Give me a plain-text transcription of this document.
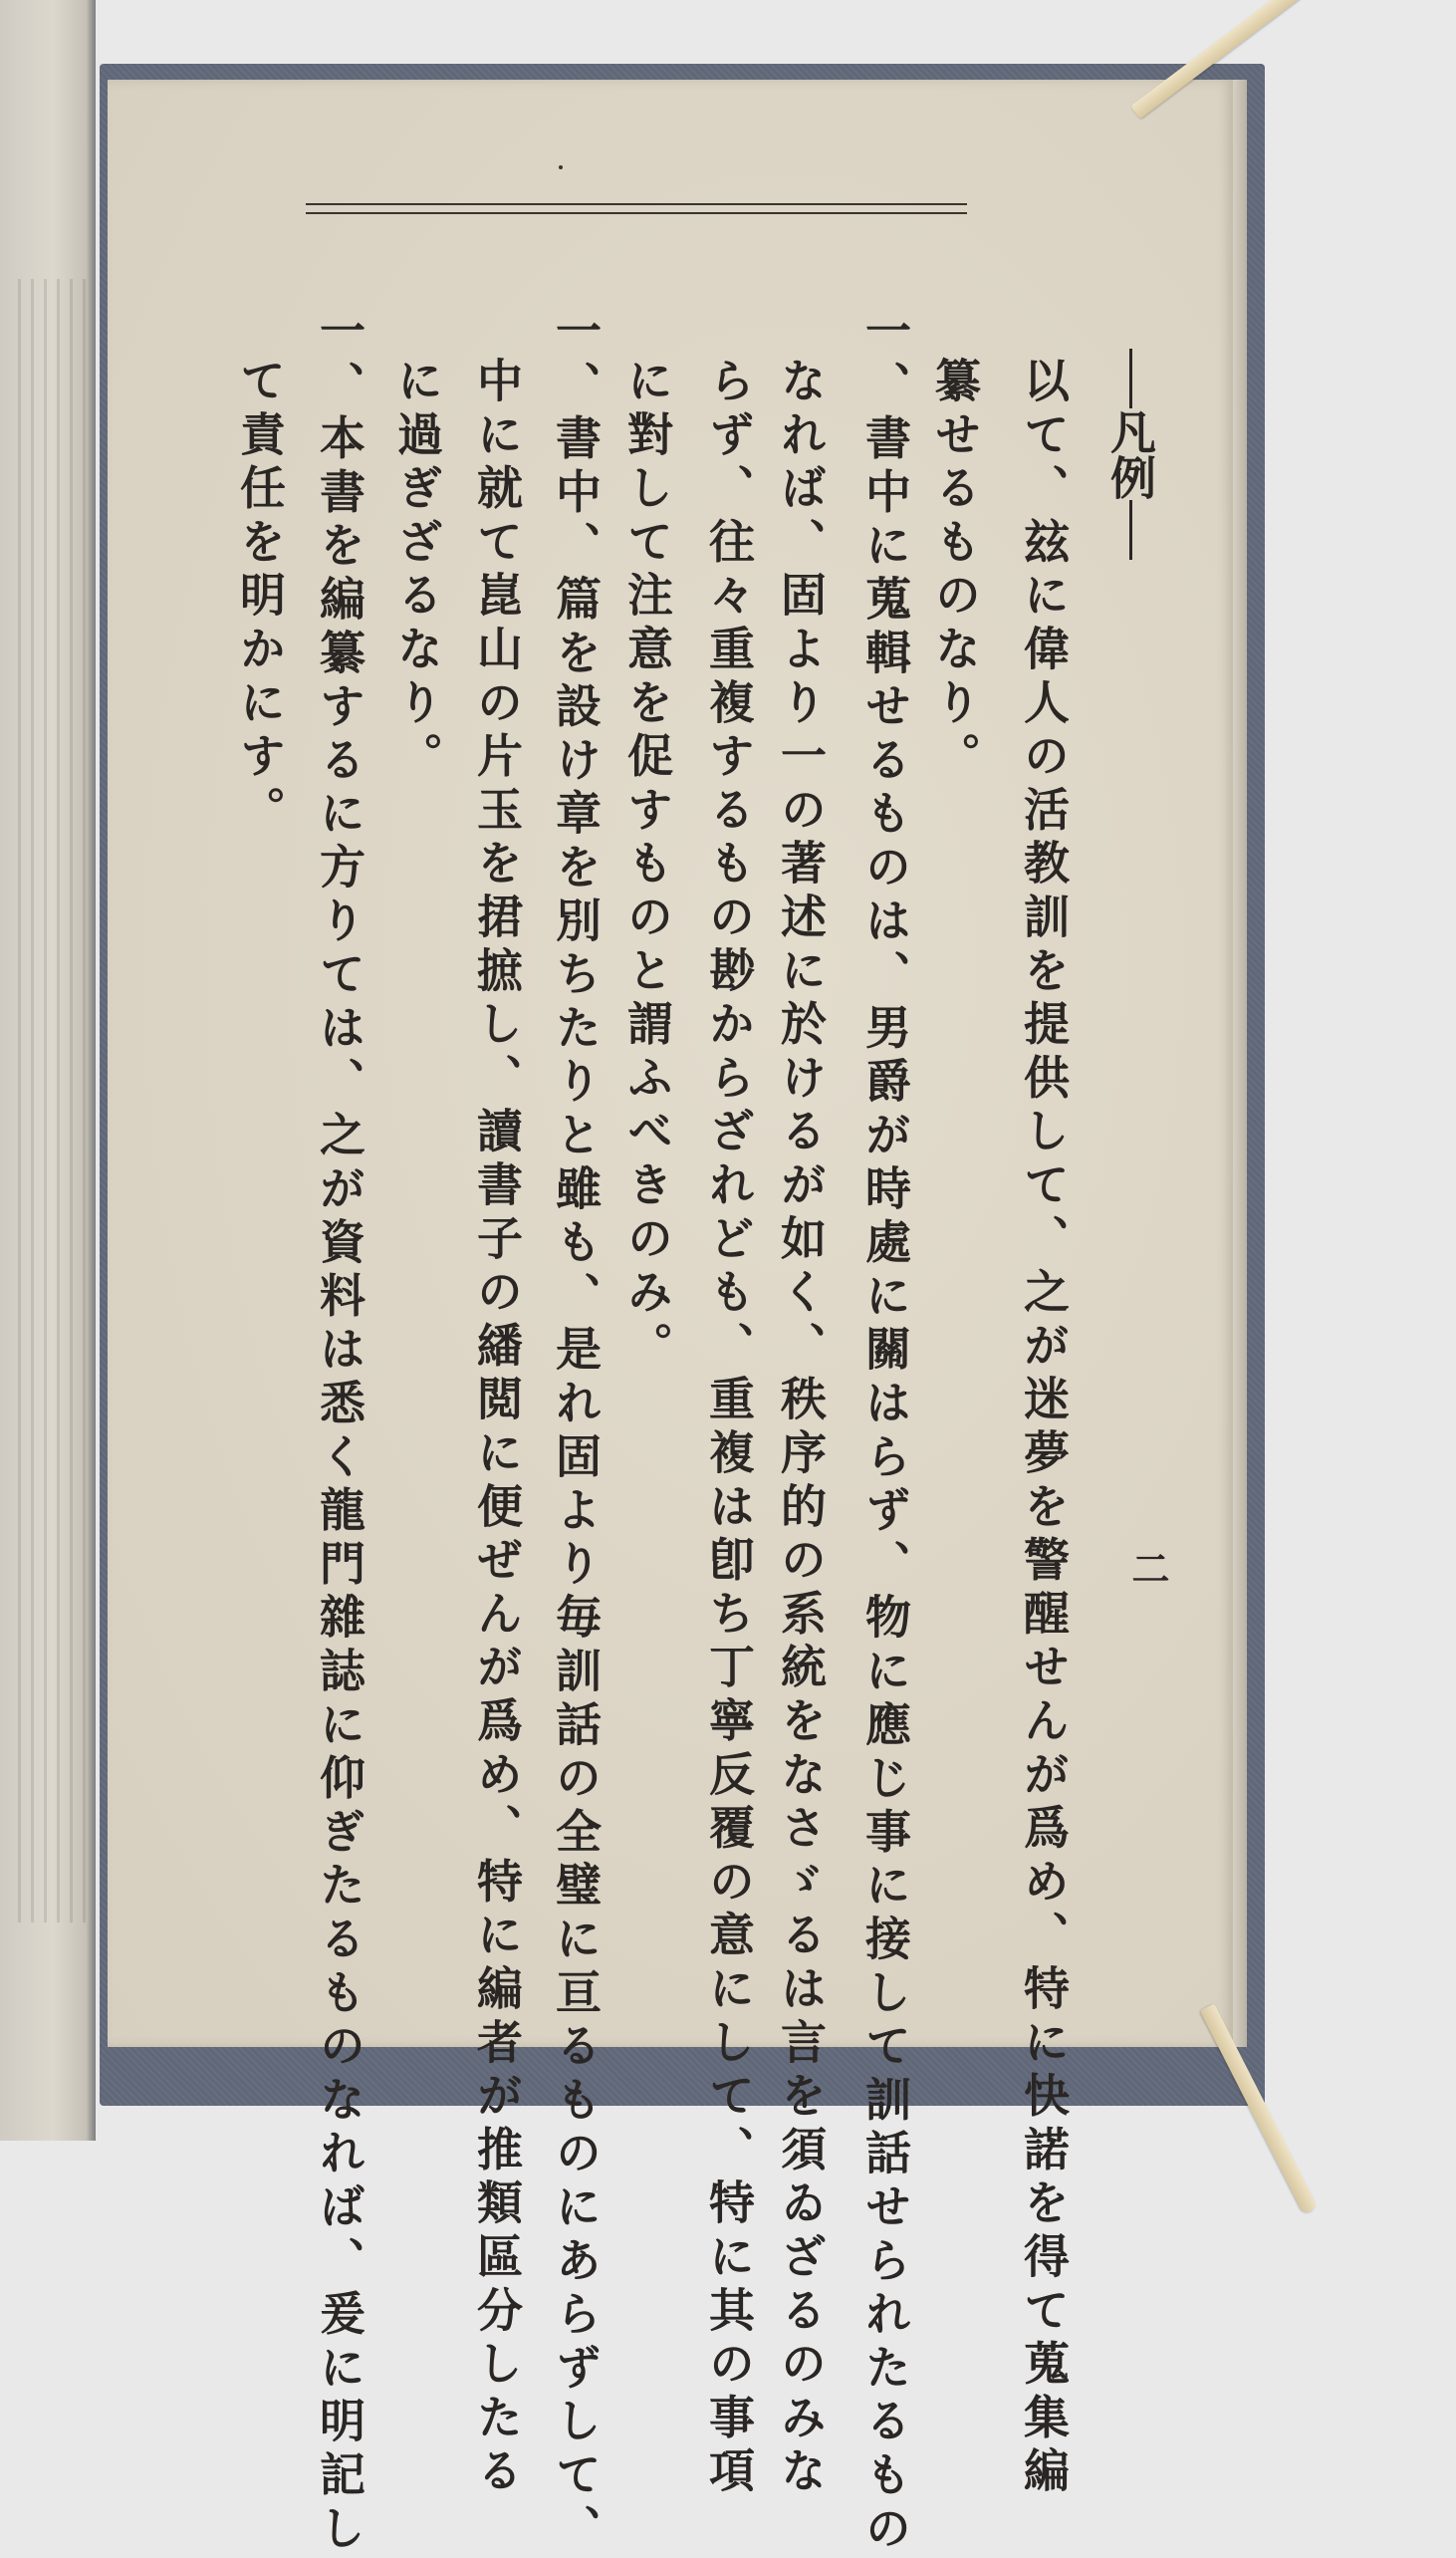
凡例
二
以て、玆に偉人の活教訓を提供して、之が迷夢を警醒せんが爲め、特に快諾を得て蒐集編
纂せるものなり。
一、書中に蒐輯せるものは、男爵が時處に關はらず、物に應じ事に接して訓話せられたるもの
なれば、固より一の著述に於けるが如く、秩序的の系統をなさゞるは言を須ゐざるのみな
らず、往々重複するもの尠からざれども、重複は卽ち丁寧反覆の意にして、特に其の事項
に對して注意を促すものと謂ふべきのみ。
一、書中、篇を設け章を別ちたりと雖も、是れ固より毎訓話の全璧に亘るものにあらずして、
中に就て崑山の片玉を捃摭し、讀書子の繙閲に便ぜんが爲め、特に編者が推類區分したる
に過ぎざるなり。
一、本書を編纂するに方りては、之が資料は悉く龍門雜誌に仰ぎたるものなれば、爰に明記し
て責任を明かにす。
